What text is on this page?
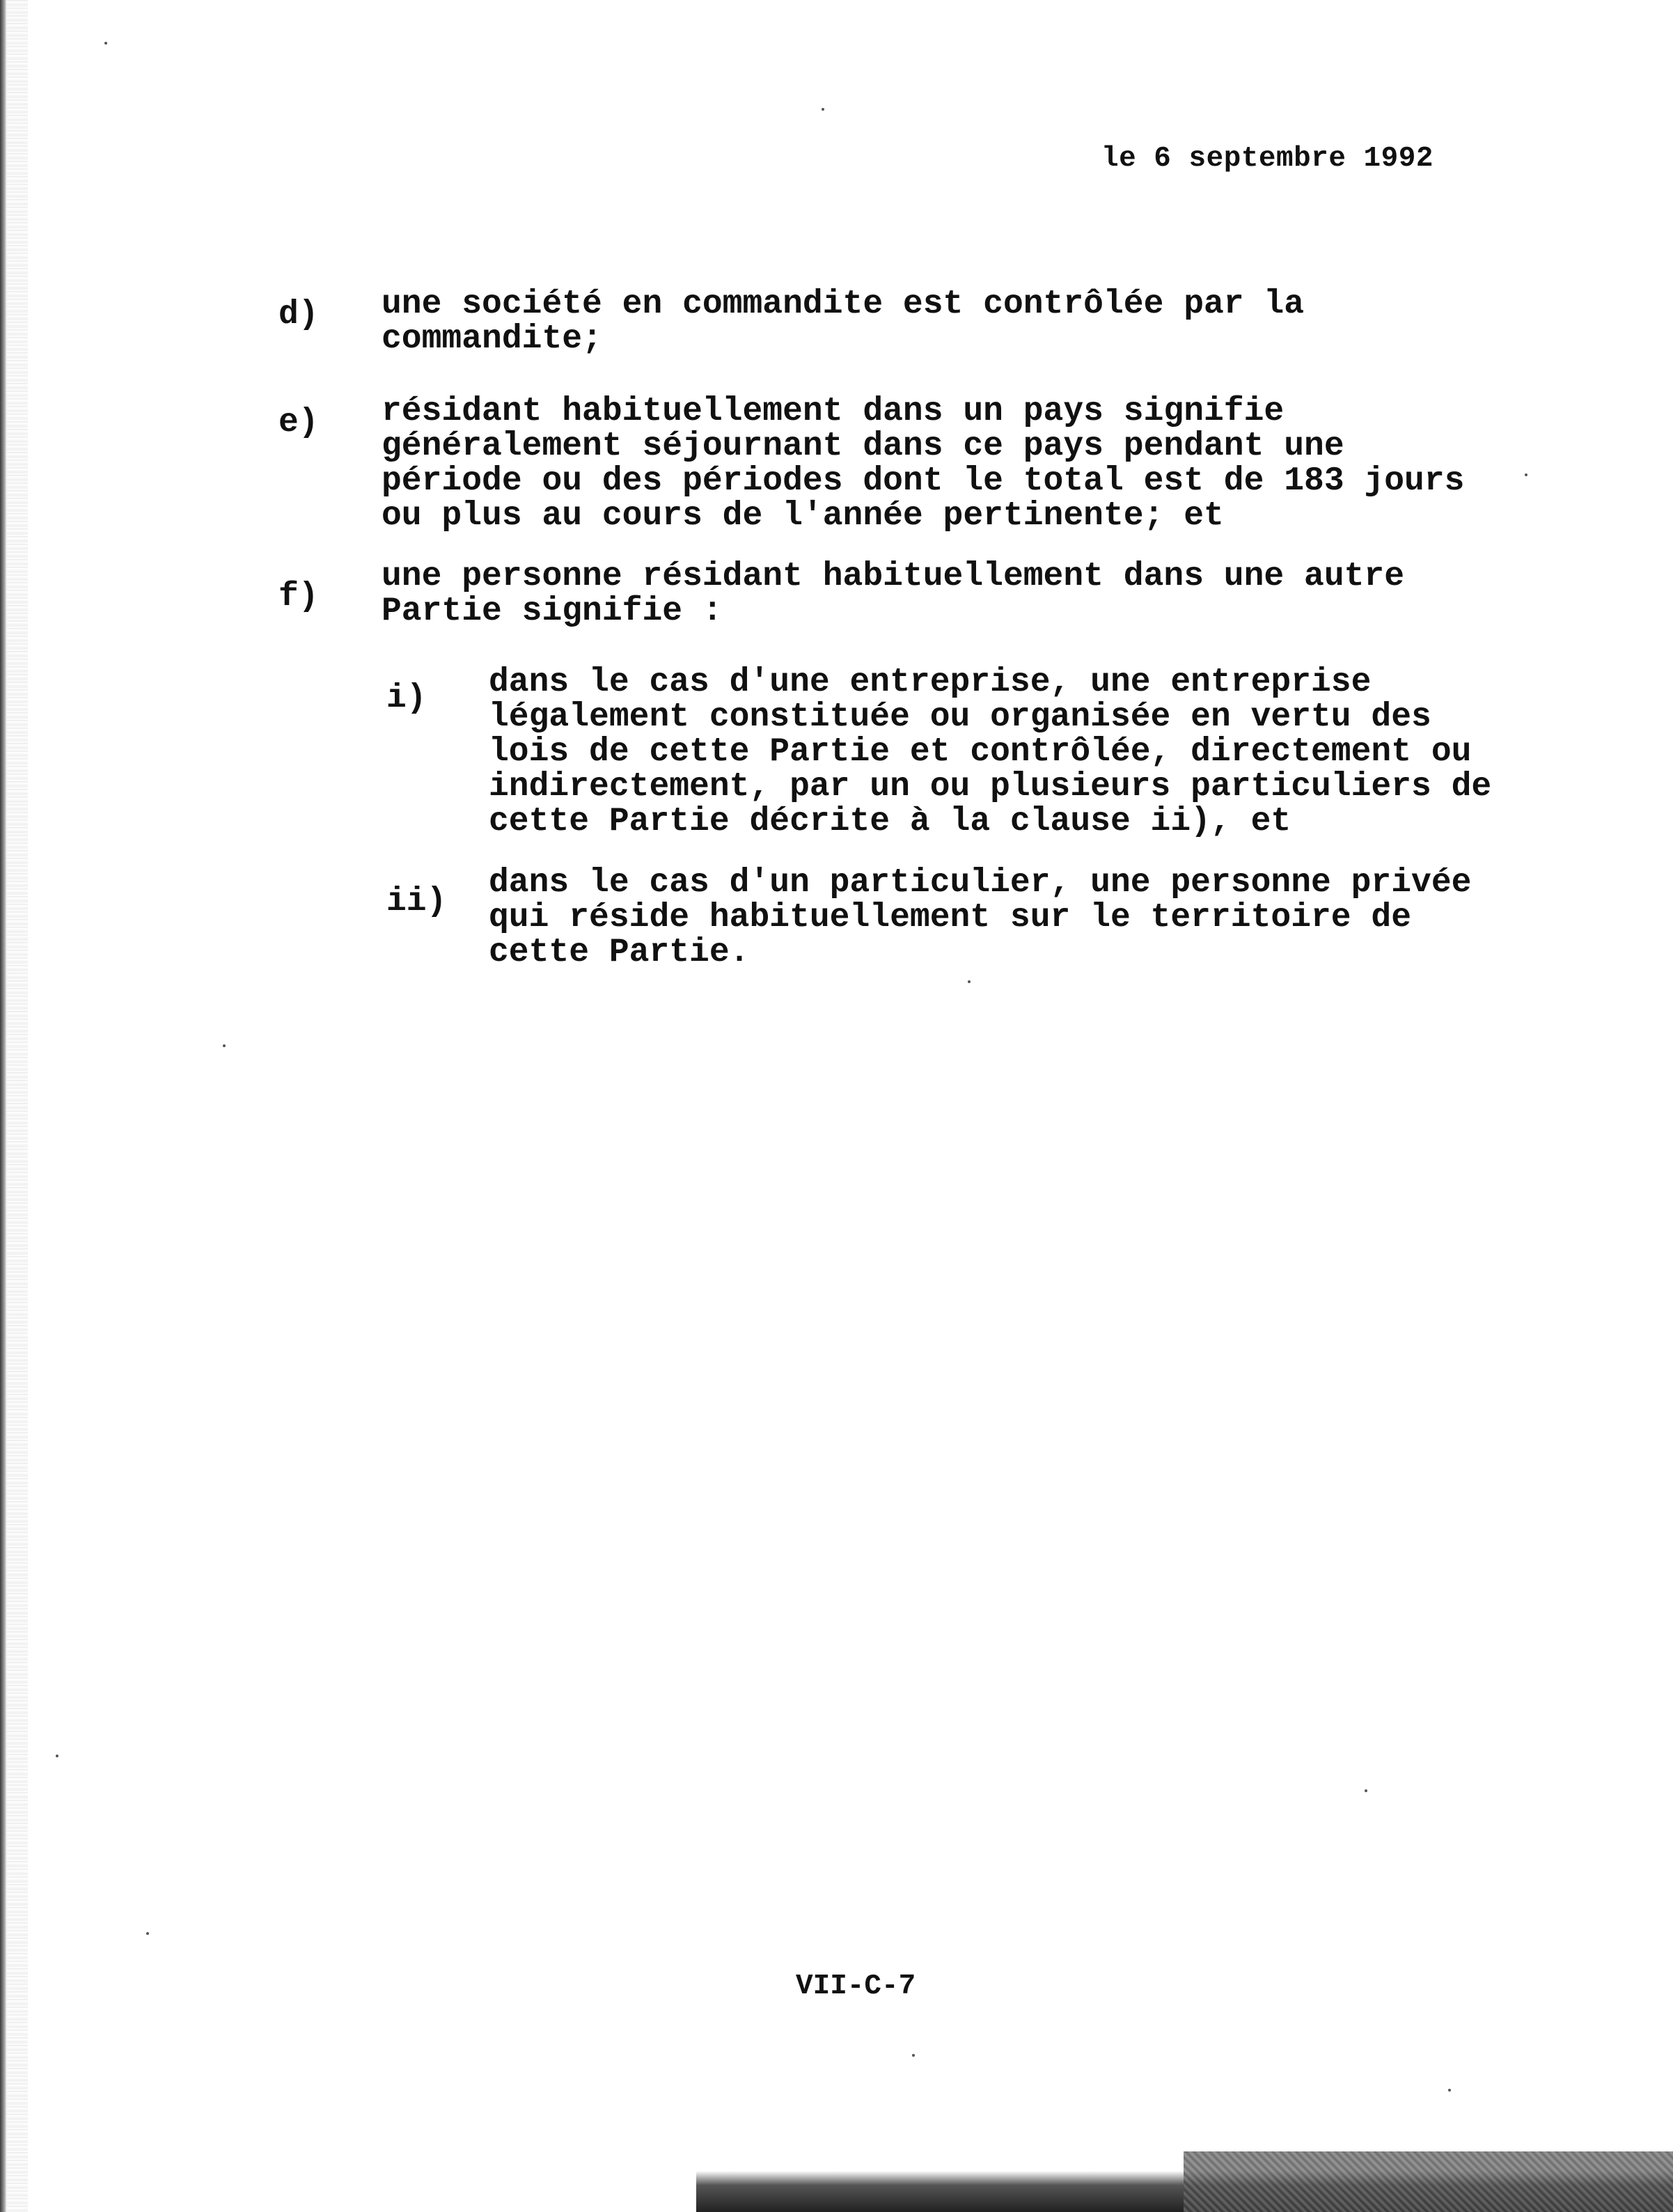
le 6 septembre 1992
d) une société en commandite est contrôlée par la
commandite;
e) résidant habituellement dans un pays signifie
généralement séjournant dans ce pays pendant une
période ou des périodes dont le total est de 183 jours
ou plus au cours de l'année pertinente; et
f)
une personne résidant habituellement dans une autre
Partie signifie :
i) dans le cas d'une entreprise, une entreprise
légalement constituée ou organisée en vertu des
lois de cette Partie et contrôlée, directement ou
indirectement, par un ou plusieurs particuliers de
cette Partie décrite à la clause ii), et
ii) dans le cas d'un particulier, une personne privée
qui réside habituellement sur le territoire de
cette Partie.
VII-C-7
